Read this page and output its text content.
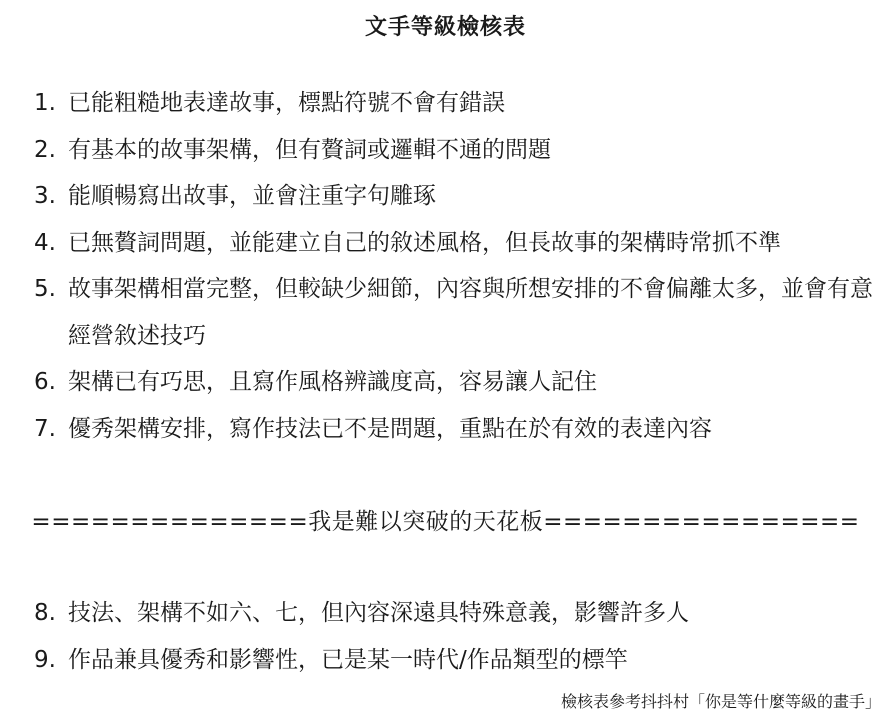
文手等級檢核表
1. 已能粗糙地表達故事，標點符號不會有錯誤
2. 有基本的故事架構，但有贅詞或邏輯不通的問題
3. 能順暢寫出故事，並會注重字句雕琢
4. 已無贅詞問題，並能建立自己的敘述風格，但長故事的架構時常抓不準
5. 故事架構相當完整，但較缺少細節，內容與所想安排的不會偏離太多，並會有意經營敘述技巧
6. 架構已有巧思，且寫作風格辨識度高，容易讓人記住
7. 優秀架構安排，寫作技法已不是問題，重點在於有效的表達內容
==============我是難以突破的天花板================
8. 技法、架構不如六、七，但內容深遠具特殊意義，影響許多人
9. 作品兼具優秀和影響性，已是某一時代/作品類型的標竿
檢核表參考抖抖村「你是等什麼等級的畫手」
